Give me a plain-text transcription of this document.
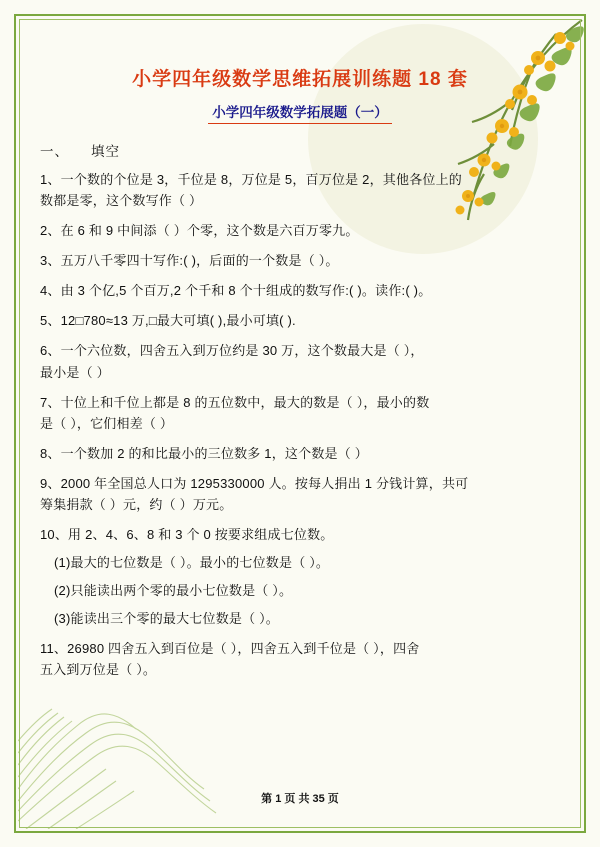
小学四年级数学思维拓展训练题 18 套
小学四年级数学拓展题（一）
一、 填空
1、一个数的个位是 3，千位是 8，万位是 5，百万位是 2，其他各位上的
数都是零，这个数写作（ ）
2、在 6 和 9 中间添（ ）个零，这个数是六百万零九。
3、五万八千零四十写作:( )，后面的一个数是（ ）。
4、由 3 个亿,5 个百万,2 个千和 8 个十组成的数写作:( )。读作:( )。
5、12□780≈13 万,□最大可填( ),最小可填( ).
6、一个六位数，四舍五入到万位约是 30 万，这个数最大是（ ），
最小是（ ）
7、十位上和千位上都是 8 的五位数中，最大的数是（ ），最小的数
是（ ），它们相差（ ）
8、一个数加 2 的和比最小的三位数多 1，这个数是（ ）
9、2000 年全国总人口为 1295330000 人。按每人捐出 1 分钱计算，共可
筹集捐款（ ）元，约（ ）万元。
10、用 2、4、6、8 和 3 个 0 按要求组成七位数。
(1)最大的七位数是（ ）。最小的七位数是（ ）。
(2)只能读出两个零的最小七位数是（ ）。
(3)能读出三个零的最大七位数是（ ）。
11、26980 四舍五入到百位是（ ），四舍五入到千位是（ ），四舍
五入到万位是（ ）。
第 1 页 共 35 页
